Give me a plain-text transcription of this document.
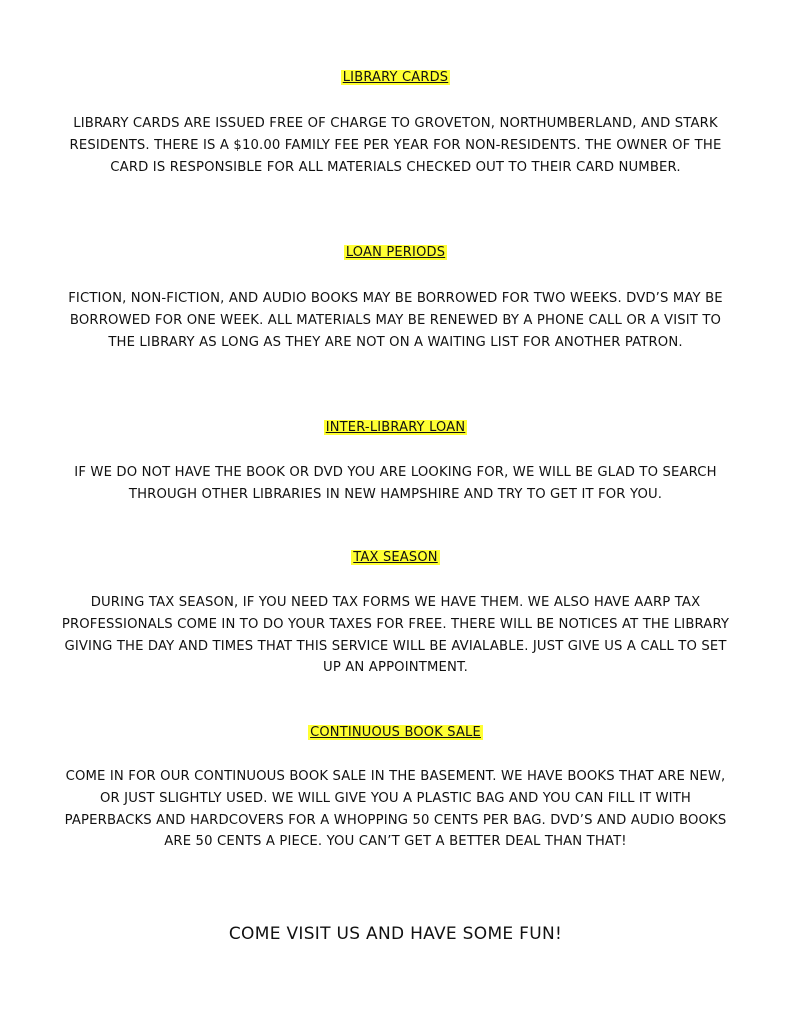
LIBRARY CARDS

LIBRARY CARDS ARE ISSUED FREE OF CHARGE TO GROVETON, NORTHUMBERLAND, AND STARK RESIDENTS. THERE IS A $10.00 FAMILY FEE PER YEAR FOR NON-RESIDENTS. THE OWNER OF THE CARD IS RESPONSIBLE FOR ALL MATERIALS CHECKED OUT TO THEIR CARD NUMBER.

LOAN PERIODS

FICTION, NON-FICTION, AND AUDIO BOOKS MAY BE BORROWED FOR TWO WEEKS. DVD’S MAY BE BORROWED FOR ONE WEEK. ALL MATERIALS MAY BE RENEWED BY A PHONE CALL OR A VISIT TO THE LIBRARY AS LONG AS THEY ARE NOT ON A WAITING LIST FOR ANOTHER PATRON.

INTER-LIBRARY LOAN

IF WE DO NOT HAVE THE BOOK OR DVD YOU ARE LOOKING FOR, WE WILL BE GLAD TO SEARCH THROUGH OTHER LIBRARIES IN NEW HAMPSHIRE AND TRY TO GET IT FOR YOU.

TAX SEASON

DURING TAX SEASON, IF YOU NEED TAX FORMS WE HAVE THEM. WE ALSO HAVE AARP TAX PROFESSIONALS COME IN TO DO YOUR TAXES FOR FREE. THERE WILL BE NOTICES AT THE LIBRARY GIVING THE DAY AND TIMES THAT THIS SERVICE WILL BE AVIALABLE. JUST GIVE US A CALL TO SET UP AN APPOINTMENT.

CONTINUOUS BOOK SALE

COME IN FOR OUR CONTINUOUS BOOK SALE IN THE BASEMENT. WE HAVE BOOKS THAT ARE NEW, OR JUST SLIGHTLY USED. WE WILL GIVE YOU A PLASTIC BAG AND YOU CAN FILL IT WITH PAPERBACKS AND HARDCOVERS FOR A WHOPPING 50 CENTS PER BAG. DVD’S AND AUDIO BOOKS ARE 50 CENTS A PIECE. YOU CAN’T GET A BETTER DEAL THAN THAT!

COME VISIT US AND HAVE SOME FUN!
